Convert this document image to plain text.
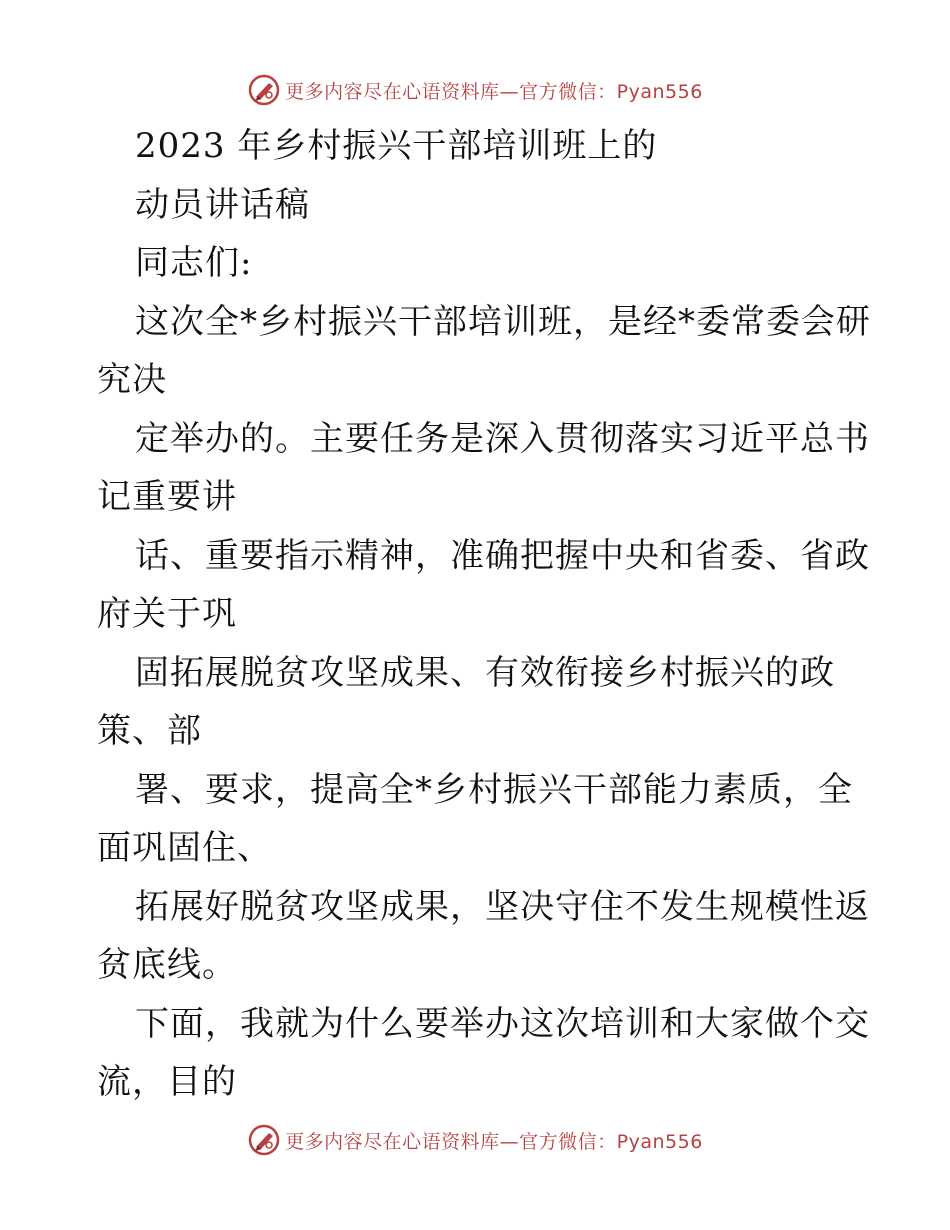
更多内容尽在心语资料库—官方微信：Pyan556
2023 年乡村振兴干部培训班上的
动员讲话稿
同志们:
这次全*乡村振兴干部培训班，是经*委常委会研
究决
定举办的。主要任务是深入贯彻落实习近平总书
记重要讲
话、重要指示精神，准确把握中央和省委、省政
府关于巩
固拓展脱贫攻坚成果、有效衔接乡村振兴的政
策、部
署、要求，提高全*乡村振兴干部能力素质，全
面巩固住、
拓展好脱贫攻坚成果，坚决守住不发生规模性返
贫底线。
下面，我就为什么要举办这次培训和大家做个交
流，目的
更多内容尽在心语资料库—官方微信：Pyan556
